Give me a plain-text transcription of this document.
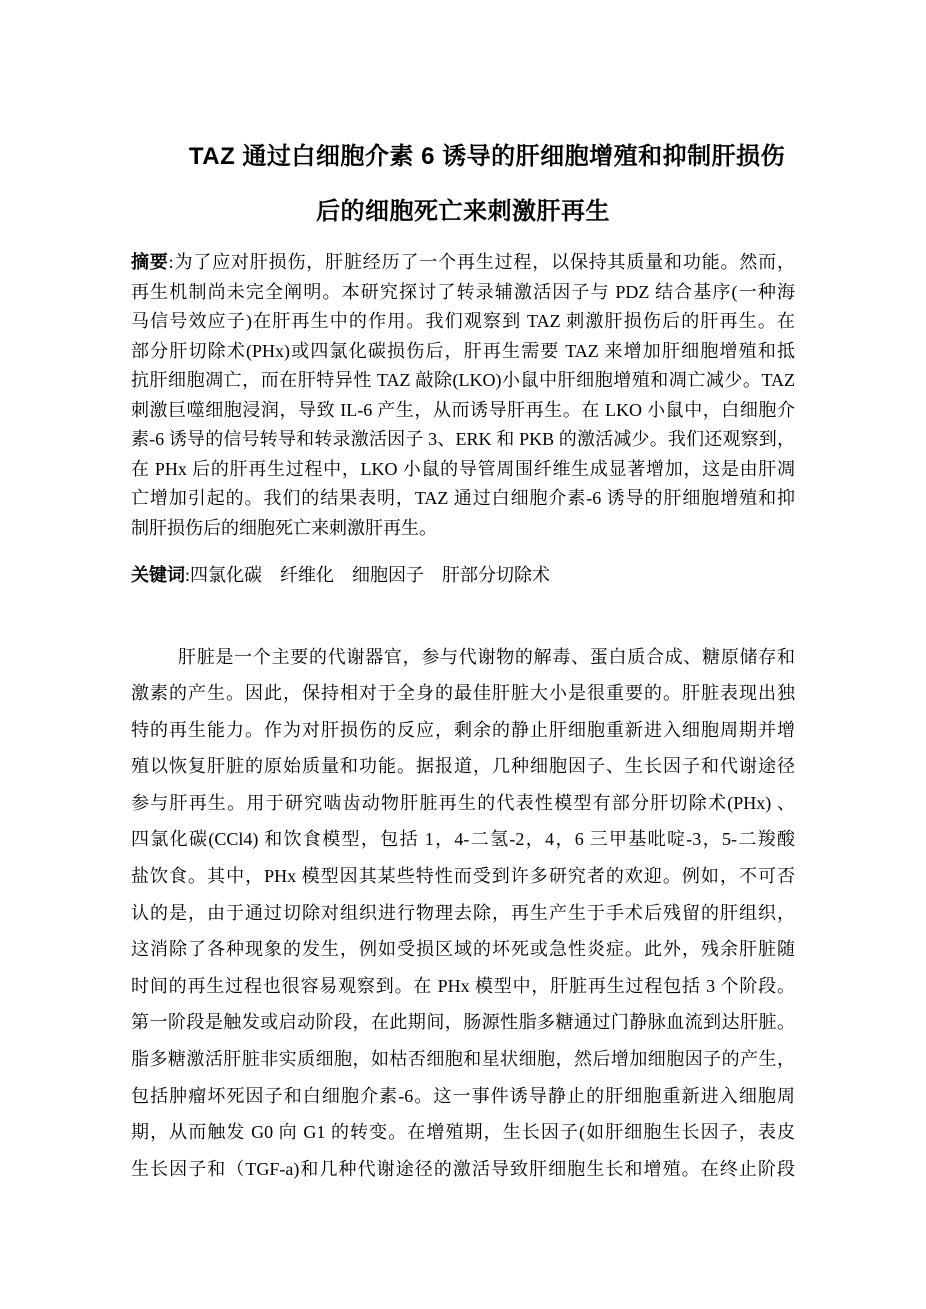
TAZ 通过白细胞介素 6 诱导的肝细胞增殖和抑制肝损伤
后的细胞死亡来刺激肝再生
摘要:为了应对肝损伤，肝脏经历了一个再生过程，以保持其质量和功能。然而，
再生机制尚未完全阐明。本研究探讨了转录辅激活因子与 PDZ 结合基序(一种海
马信号效应子)在肝再生中的作用。我们观察到 TAZ 刺激肝损伤后的肝再生。在
部分肝切除术(PHx)或四氯化碳损伤后，肝再生需要 TAZ 来增加肝细胞增殖和抵
抗肝细胞凋亡，而在肝特异性 TAZ 敲除(LKO)小鼠中肝细胞增殖和凋亡减少。TAZ
刺激巨噬细胞浸润，导致 IL-6 产生，从而诱导肝再生。在 LKO 小鼠中，白细胞介
素-6 诱导的信号转导和转录激活因子 3、ERK 和 PKB 的激活减少。我们还观察到，
在 PHx 后的肝再生过程中，LKO 小鼠的导管周围纤维生成显著增加，这是由肝凋
亡增加引起的。我们的结果表明，TAZ 通过白细胞介素-6 诱导的肝细胞增殖和抑
制肝损伤后的细胞死亡来刺激肝再生。
关键词:四氯化碳　纤维化　细胞因子　肝部分切除术
肝脏是一个主要的代谢器官，参与代谢物的解毒、蛋白质合成、糖原储存和
激素的产生。因此，保持相对于全身的最佳肝脏大小是很重要的。肝脏表现出独
特的再生能力。作为对肝损伤的反应，剩余的静止肝细胞重新进入细胞周期并增
殖以恢复肝脏的原始质量和功能。据报道，几种细胞因子、生长因子和代谢途径
参与肝再生。用于研究啮齿动物肝脏再生的代表性模型有部分肝切除术(PHx) 、
四氯化碳(CCl4) 和饮食模型，包括 1，4-二氢-2，4，6 三甲基吡啶-3，5-二羧酸
盐饮食。其中，PHx 模型因其某些特性而受到许多研究者的欢迎。例如，不可否
认的是，由于通过切除对组织进行物理去除，再生产生于手术后残留的肝组织，
这消除了各种现象的发生，例如受损区域的坏死或急性炎症。此外，残余肝脏随
时间的再生过程也很容易观察到。在 PHx 模型中，肝脏再生过程包括 3 个阶段。
第一阶段是触发或启动阶段，在此期间，肠源性脂多糖通过门静脉血流到达肝脏。
脂多糖激活肝脏非实质细胞，如枯否细胞和星状细胞，然后增加细胞因子的产生，
包括肿瘤坏死因子和白细胞介素-6。这一事件诱导静止的肝细胞重新进入细胞周
期，从而触发 G0 向 G1 的转变。在增殖期，生长因子(如肝细胞生长因子，表皮
生长因子和（TGF-a)和几种代谢途径的激活导致肝细胞生长和增殖。在终止阶段
